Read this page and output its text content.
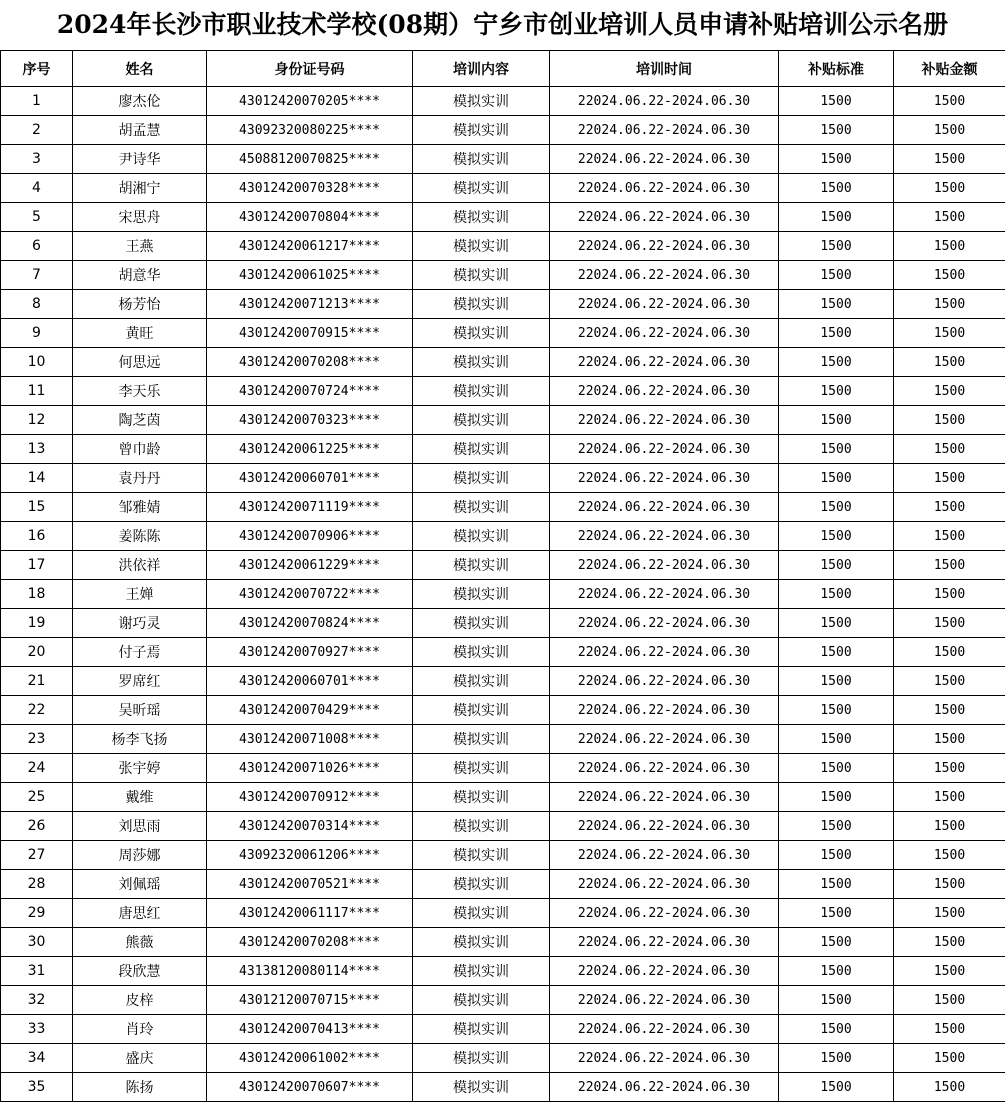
2024年长沙市职业技术学校(08期）宁乡市创业培训人员申请补贴培训公示名册
序号	姓名	身份证号码	培训内容	培训时间	补贴标准	补贴金额
1	廖杰伦	43012420070205****	模拟实训	22024.06.22-2024.06.30	1500	1500
2	胡孟慧	43092320080225****	模拟实训	22024.06.22-2024.06.30	1500	1500
3	尹诗华	45088120070825****	模拟实训	22024.06.22-2024.06.30	1500	1500
4	胡湘宁	43012420070328****	模拟实训	22024.06.22-2024.06.30	1500	1500
5	宋思舟	43012420070804****	模拟实训	22024.06.22-2024.06.30	1500	1500
6	王燕	43012420061217****	模拟实训	22024.06.22-2024.06.30	1500	1500
7	胡意华	43012420061025****	模拟实训	22024.06.22-2024.06.30	1500	1500
8	杨芳怡	43012420071213****	模拟实训	22024.06.22-2024.06.30	1500	1500
9	黄旺	43012420070915****	模拟实训	22024.06.22-2024.06.30	1500	1500
10	何思远	43012420070208****	模拟实训	22024.06.22-2024.06.30	1500	1500
11	李天乐	43012420070724****	模拟实训	22024.06.22-2024.06.30	1500	1500
12	陶芝茵	43012420070323****	模拟实训	22024.06.22-2024.06.30	1500	1500
13	曾巾龄	43012420061225****	模拟实训	22024.06.22-2024.06.30	1500	1500
14	袁丹丹	43012420060701****	模拟实训	22024.06.22-2024.06.30	1500	1500
15	邹雅婧	43012420071119****	模拟实训	22024.06.22-2024.06.30	1500	1500
16	姜陈陈	43012420070906****	模拟实训	22024.06.22-2024.06.30	1500	1500
17	洪依祥	43012420061229****	模拟实训	22024.06.22-2024.06.30	1500	1500
18	王婵	43012420070722****	模拟实训	22024.06.22-2024.06.30	1500	1500
19	谢巧灵	43012420070824****	模拟实训	22024.06.22-2024.06.30	1500	1500
20	付子焉	43012420070927****	模拟实训	22024.06.22-2024.06.30	1500	1500
21	罗席红	43012420060701****	模拟实训	22024.06.22-2024.06.30	1500	1500
22	吴昕瑶	43012420070429****	模拟实训	22024.06.22-2024.06.30	1500	1500
23	杨李飞扬	43012420071008****	模拟实训	22024.06.22-2024.06.30	1500	1500
24	张宇婷	43012420071026****	模拟实训	22024.06.22-2024.06.30	1500	1500
25	戴维	43012420070912****	模拟实训	22024.06.22-2024.06.30	1500	1500
26	刘思雨	43012420070314****	模拟实训	22024.06.22-2024.06.30	1500	1500
27	周莎娜	43092320061206****	模拟实训	22024.06.22-2024.06.30	1500	1500
28	刘佩瑶	43012420070521****	模拟实训	22024.06.22-2024.06.30	1500	1500
29	唐思红	43012420061117****	模拟实训	22024.06.22-2024.06.30	1500	1500
30	熊薇	43012420070208****	模拟实训	22024.06.22-2024.06.30	1500	1500
31	段欣慧	43138120080114****	模拟实训	22024.06.22-2024.06.30	1500	1500
32	皮梓	43012120070715****	模拟实训	22024.06.22-2024.06.30	1500	1500
33	肖玲	43012420070413****	模拟实训	22024.06.22-2024.06.30	1500	1500
34	盛庆	43012420061002****	模拟实训	22024.06.22-2024.06.30	1500	1500
35	陈扬	43012420070607****	模拟实训	22024.06.22-2024.06.30	1500	1500
